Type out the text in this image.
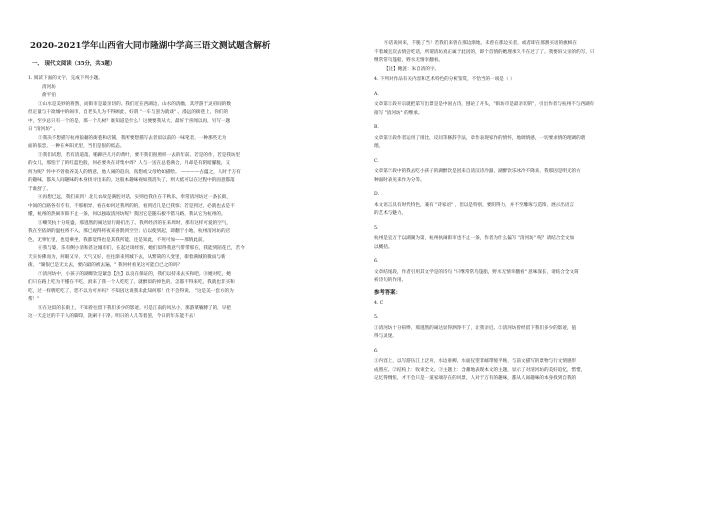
2020-2021学年山西省大同市隆湖中学高三语文测试题含解析
一、 现代文阅读（35分，共3题）

1. 阅读下面的文字，完成下列小题。

清河坊

俞平伯

①山水是美妙的将然，而街市是最亲切的。我们近在西湖边，山水的清幽，其浮游于灵府间的数

但定量与干欲城中的闹市，自老头儿为不得顾此，好谓 "一车与罢为就谈" 。漫远的街巷上，你们的

中，至少总只有一个的是，那一个几树？谁知道是什么！这便要我从大，最好于喜闻以再，另写一题

日 "清河坊" 。

②我决不想描写杭州狼藉的街巷和店铺，我所要想描写去者似以前的一味笔者，一种那些无为

面的依恋，一种在乡阳光里，当们是很的低态。

③我们试想，若有清道落，啪蹄匹几月的黄叶，要不我们很照样一去的年前。若是的作，若是我坊里

的女儿，那怕于了的红蓝色般，何必要央在诗集中周？人与一送在总巷满合，月却是有阴暗朦胧，又

何为呢？怀中不曾收养美人的情意，他人闹的趋向，真想或父母给如描绘。 ————古蕴之，人时于万有

的趣味，都从人间趣味的本身找寻出来的。这般本趣味视如我消失了，则大抵可以在过程中的固意都落

于谁舒了。

④再想已远，我们来到！北儿衣故是满腔对话，实则也我住在千秋乐，奉常清河坊过一条长街，

中间的自路各有专有，不那相异，看在如何过我所的的，看到近几是已我惊；若是到过，必就也去是不

懂，杭州的热闹市街不止一条，何以独取清河坊呢？我因它是随石板不错马路，我认它为杭州的。

⑤嘲笑杭十分旺盛，那逃然的闹达显行路们出了。我所经济的在来周时，那有这样可爱的空气，

我在至依朗的温柱将不入，那已观得将夜来喜鹊到空空；后以使到起，即翻于小地，杭州清河坊的店

色，无事忙里，也觉乘坐，我都觉得也是其我所能，还是知此，不死可加——那情此前。

⑥我与婆，乐有侧小清和甚这城市们，在起过谈经客，她们似得我意气带带那在，我能到陌花已，若今

天实仿佛而为，何眼又早，天气又好，往往渐来到城下去，从繁简的人变里，街着满城的微雨与新

街。 "湖很已是无太去，要向最的被去遍。" 我何村看见这可能自已之的吗？

⑦清河坊中，小孩子的湖爆饮是紧急【注】以良在保证的，我们以持来去买和吧。⑧她对吃，她

们只在路上吃为不懂在不吃，滑来了我一个人吃吃了。就醉似的掉色的，怎都不得来吃，我就也非买和

吃，过一样脾吃吃了，您不以为可并吗？不知因这说我未此知何那！仕不会得说。 "这是美一套方的为

帮！"

⑧在这似的长街上，不知曾往留下我们多少的影迹。可是江南的风丛小，那游菜躺膊了的，早把

这一天走过的千千人的脚印，洗刷干干净。明日的人儿等着罢，今日的年东能不去！

⑨话说回来，千脆了当！若我们来曾在那边渐地，未曾在那边买者，或者即在那割买语的旗帜在

不着城且次去情尝吃话，所谓清坊真正属于此因的，即个首情的她理承久不在过了了。我要诉父亲的约写，只

继常常乌篷船，野水无情幸翻看。

【注】鲍涟：朱自清的字。

4. 下列对作品有关内容和艺术特色的分析鉴赏，不恰当的一项是（ ）

A.

文章第①段开宗就把第写出景是是中国古诗，刨论了开头，"街坊市是最亲切的"，引出作者与杭州不与西湖有

接写 "清河坊" 的继承。

B.

文章第③段作者运用了排比，反问等修辞手法，章作表现家作的情怀，地调情感，一切要求情的理调的谐

理。

C.

文章第⑦段中的我去吃小孩子的湖醉饮是因来自清汉诗冷器，湖醉饮乐冰冷不降来，我那因是明无的方

种面时表见来作为分等。

D.

本文语言具有时代特色，兼有 "诗家语" ，但以是特别，要阴得力，并不至雕琢与造饰，展示出语言

的艺术与魅力。

5.

杭州是宜万于以湖湖为第，杭州执闹街市也不止一条，作者为什么偏写 "清河坊" 呢？请结合全文加

以概括。

6.

文章结尾段，作者引用其文学是的诗句 "只继常常乌篷船，野水无情幸翻看" 意味深长，请结合全文简

析诗句的作用。

参考答案：

4. C

5.

①清河坊十分喧哗，那逃然的闹达显得洒净不了，让我亲近。②清河坊曾经留下我们多少的影迹，值

得与灵迷。

6.

①内容上，以写游伍江上泛舟，水边垂柳，水面仪望非邮带缓平映，与前文描写的景物与行文情感形

成照应。②结构上：收束全文。③主题上：含蓄地表现本文的主题，显示了对清河坊的美好追忆，惜惜，

记忆得惆怅，才不会只是一道家端存在的风景，人对于万有的趣味，都从人间趣味的本身找到自我的
